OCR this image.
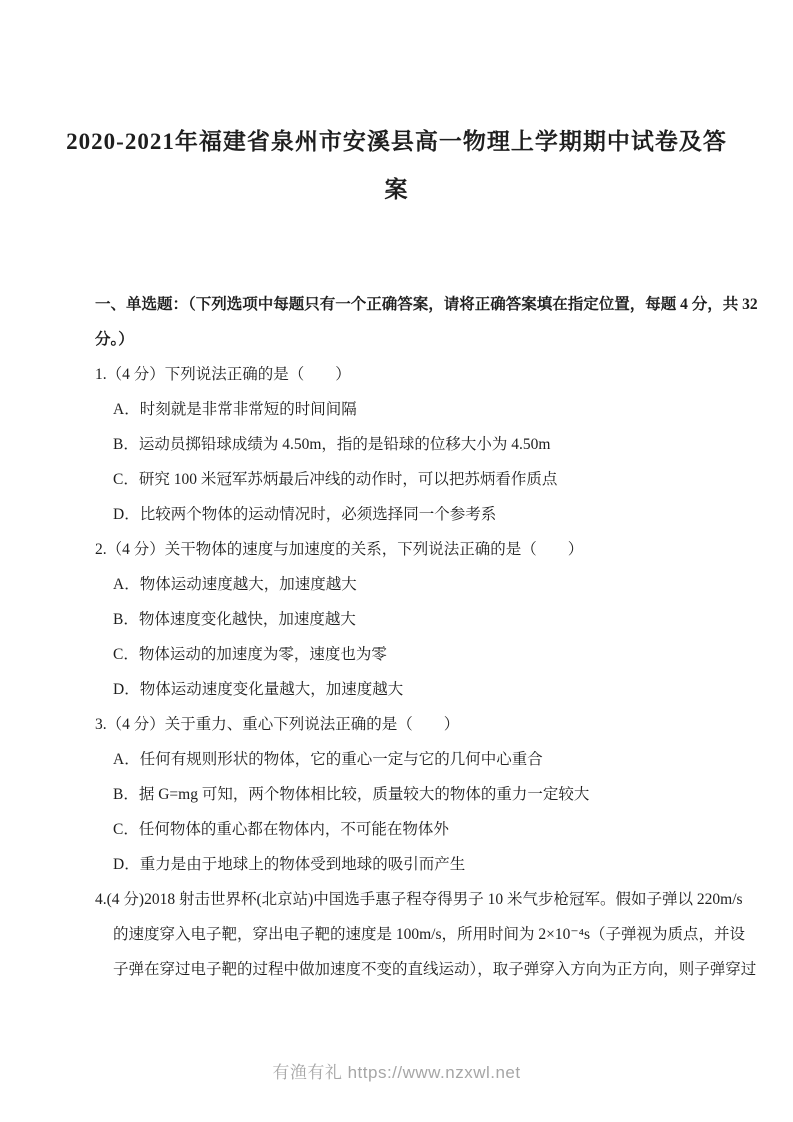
2020-2021年福建省泉州市安溪县高一物理上学期期中试卷及答
案

一、单选题：（下列选项中每题只有一个正确答案，请将正确答案填在指定位置，每题 4 分，共 32

分。）

1.（4 分）下列说法正确的是（　　）

A．时刻就是非常非常短的时间间隔

B．运动员掷铅球成绩为 4.50m，指的是铅球的位移大小为 4.50m

C．研究 100 米冠军苏炳最后冲线的动作时，可以把苏炳看作质点

D．比较两个物体的运动情况时，必须选择同一个参考系

2.（4 分）关干物体的速度与加速度的关系，下列说法正确的是（　　）

A．物体运动速度越大，加速度越大

B．物体速度变化越快，加速度越大

C．物体运动的加速度为零，速度也为零

D．物体运动速度变化量越大，加速度越大

3.（4 分）关于重力、重心下列说法正确的是（　　）

A．任何有规则形状的物体，它的重心一定与它的几何中心重合

B．据 G=mg 可知，两个物体相比较，质量较大的物体的重力一定较大

C．任何物体的重心都在物体内，不可能在物体外

D．重力是由于地球上的物体受到地球的吸引而产生

4.(4 分)2018 射击世界杯(北京站)中国选手惠子程夺得男子 10 米气步枪冠军。假如子弹以 220m/s

的速度穿入电子靶，穿出电子靶的速度是 100m/s，所用时间为 2×10⁻⁴s（子弹视为质点，并设

子弹在穿过电子靶的过程中做加速度不变的直线运动），取子弹穿入方向为正方向，则子弹穿过

有渔有礼 https://www.nzxwl.net
